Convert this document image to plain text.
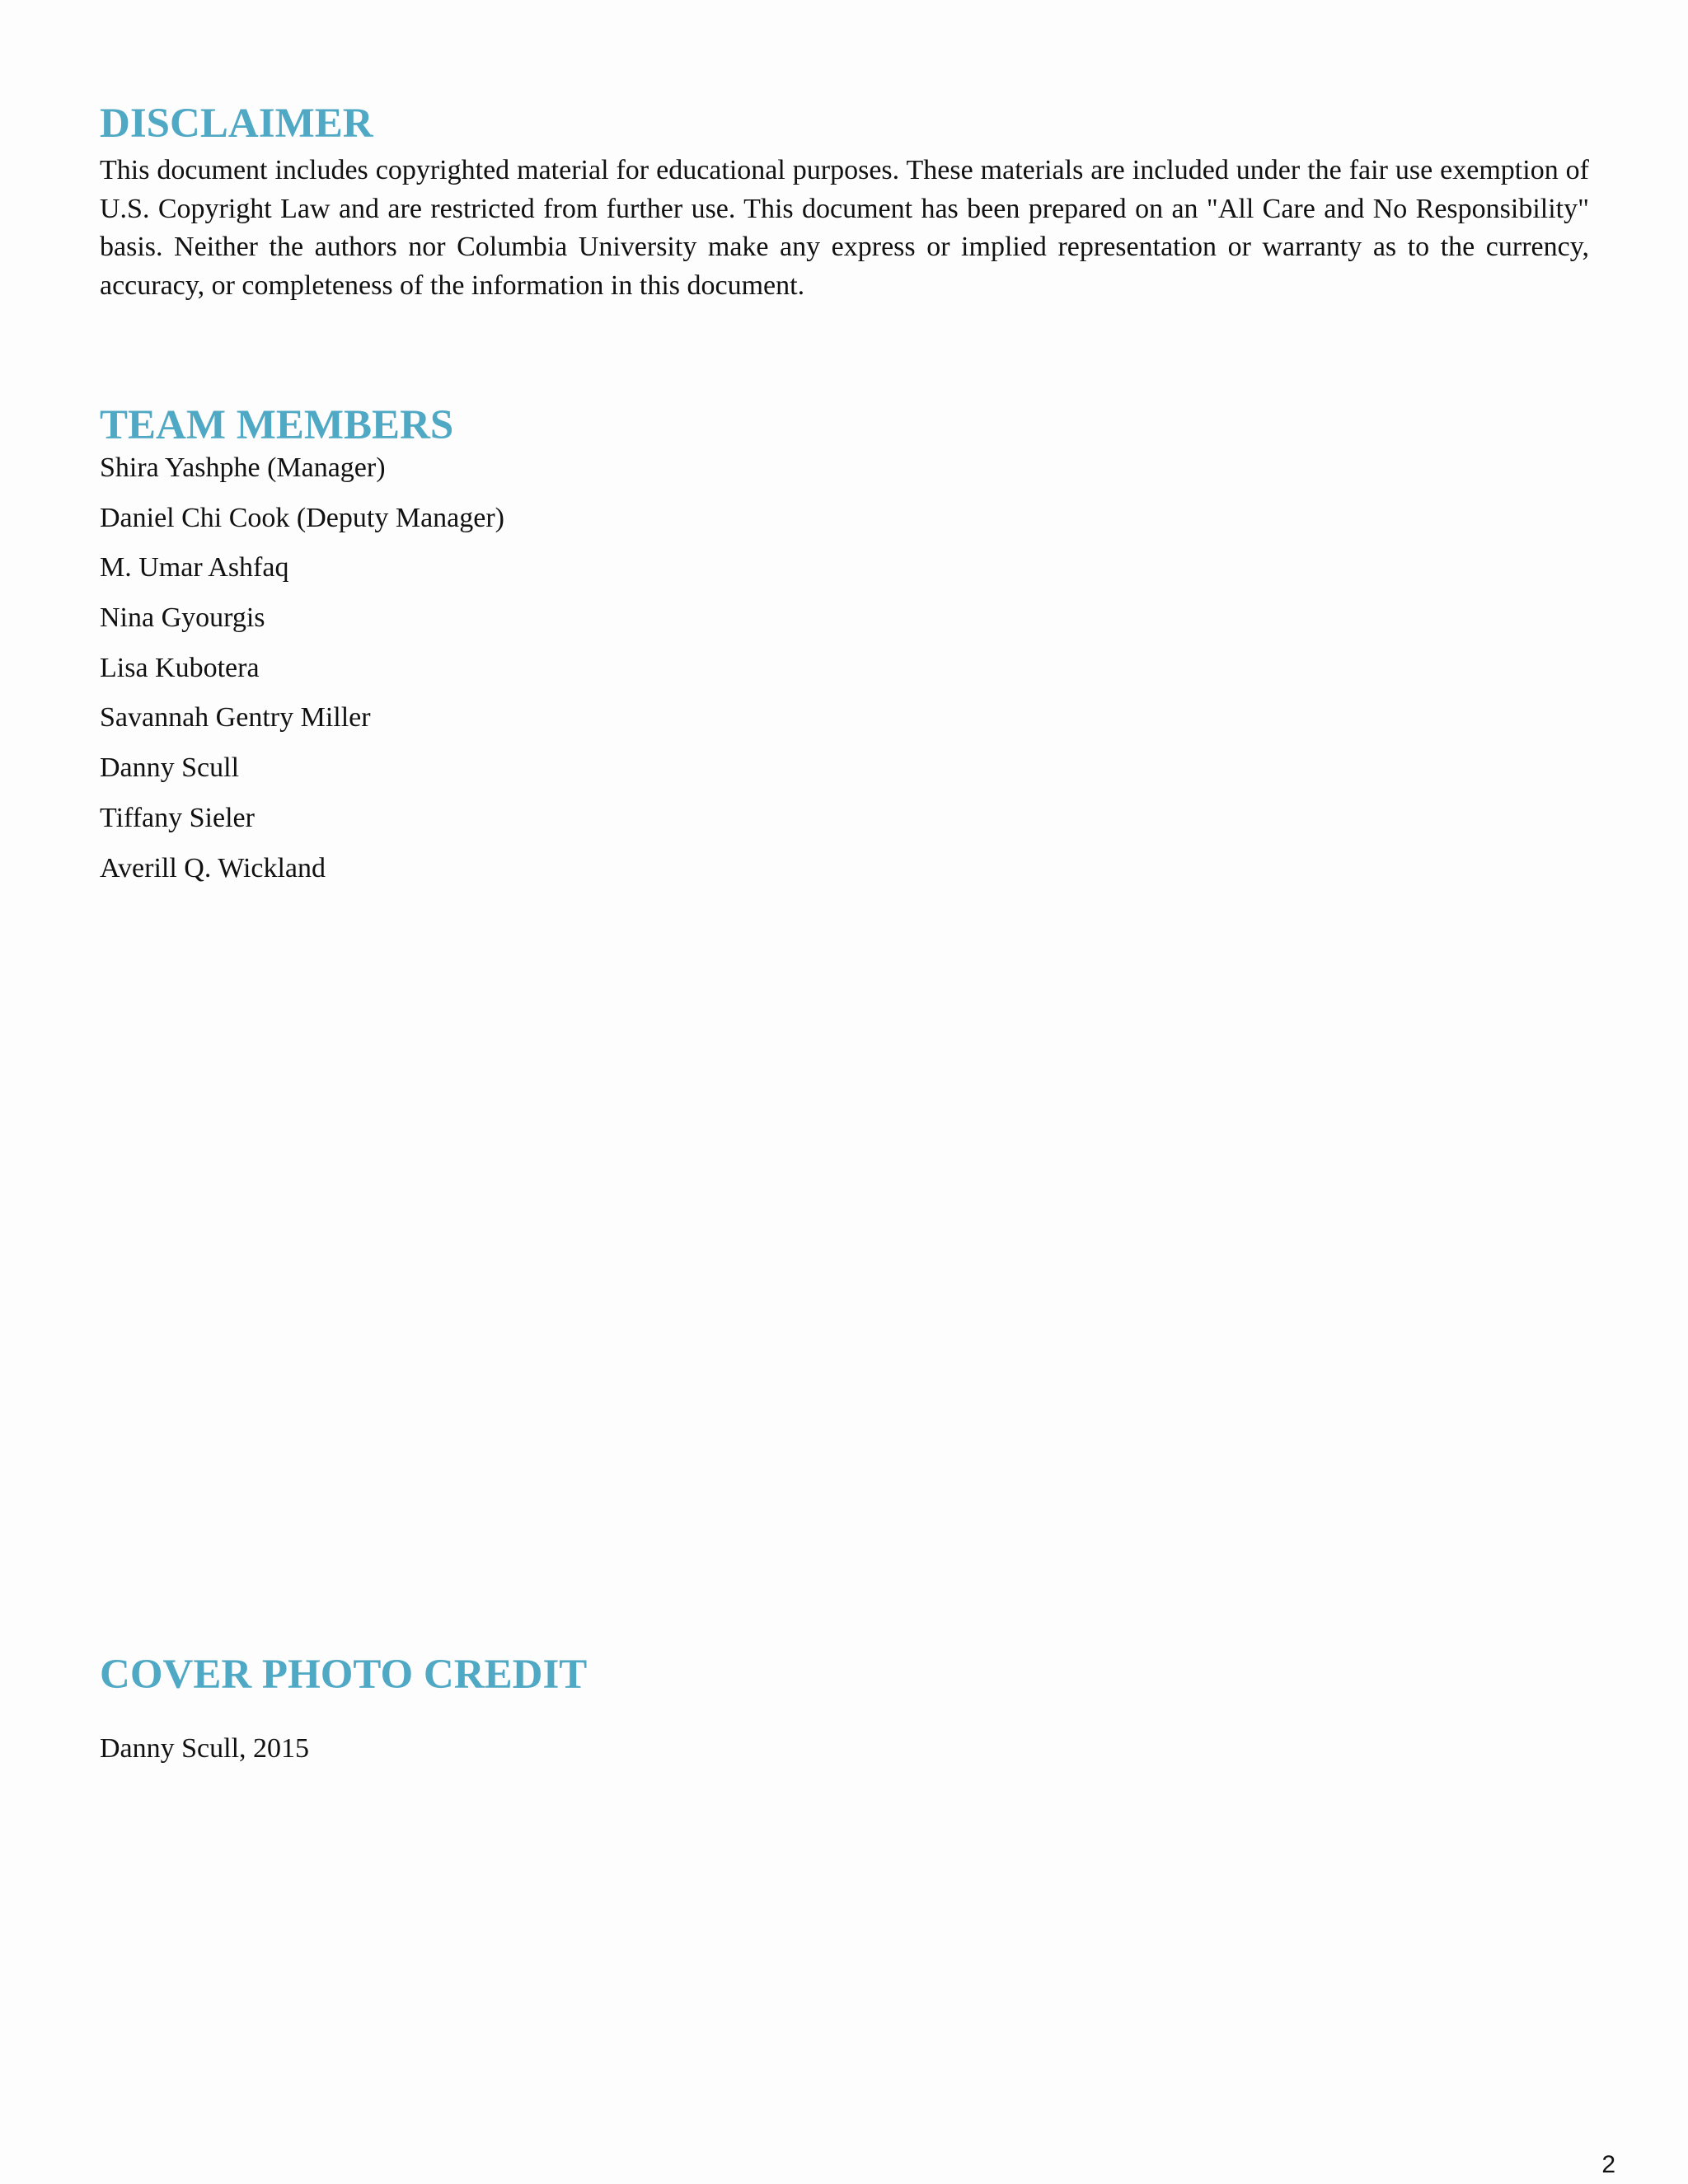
DISCLAIMER

This document includes copyrighted material for educational purposes. These materials are included under the fair use exemption of U.S. Copyright Law and are restricted from further use. This document has been prepared on an "All Care and No Responsibility" basis. Neither the authors nor Columbia University make any express or implied representation or warranty as to the currency, accuracy, or completeness of the information in this document.

TEAM MEMBERS
Shira Yashphe (Manager)
Daniel Chi Cook (Deputy Manager)
M. Umar Ashfaq
Nina Gyourgis
Lisa Kubotera
Savannah Gentry Miller
Danny Scull
Tiffany Sieler
Averill Q. Wickland
COVER PHOTO CREDIT

Danny Scull, 2015

2
